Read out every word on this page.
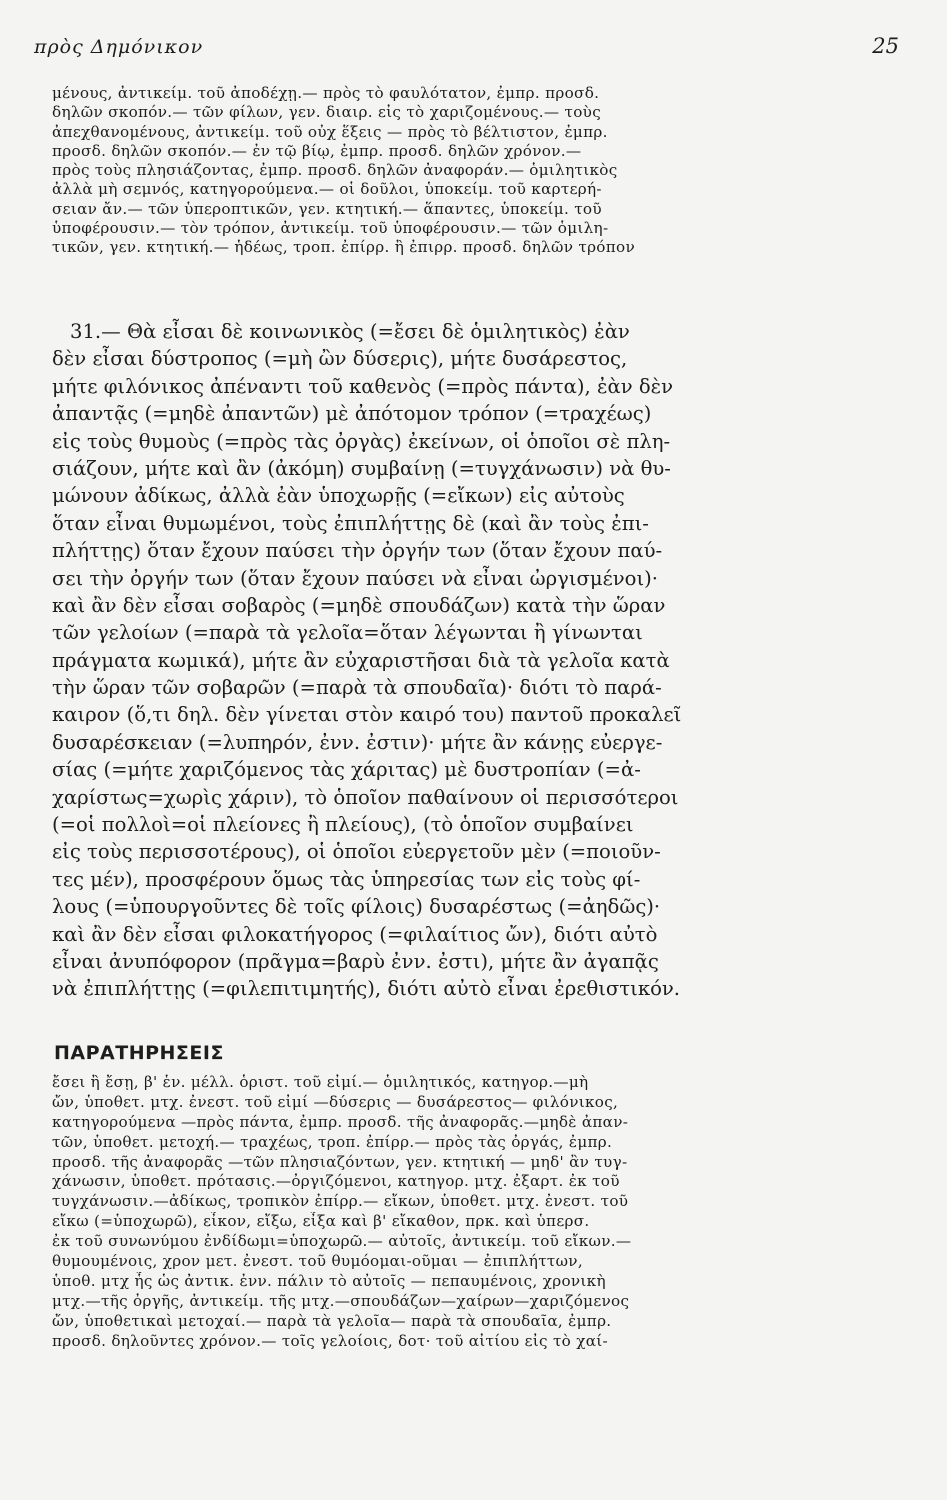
πρὸς Δημόνικον	25
μένους, ἀντικείμ. τοῦ ἀποδέχῃ.— πρὸς τὸ φαυλότατον, ἐμπρ. προσδ.
δηλῶν σκοπόν.— τῶν φίλων, γεν. διαιρ. εἰς τὸ χαριζομένους.— τοὺς
ἀπεχθανομένους, ἀντικείμ. τοῦ οὐχ ἕξεις — πρὸς τὸ βέλτιστον, ἐμπρ.
προσδ. δηλῶν σκοπόν.— ἐν τῷ βίῳ, ἐμπρ. προσδ. δηλῶν χρόνον.—
πρὸς τοὺς πλησιάζοντας, ἐμπρ. προσδ. δηλῶν ἀναφοράν.— ὁμιλητικὸς
ἀλλὰ μὴ σεμνός, κατηγορούμενα.— οἱ δοῦλοι, ὑποκείμ. τοῦ καρτερή-
σειαν ἄν.— τῶν ὑπεροπτικῶν, γεν. κτητική.— ἅπαντες, ὑποκείμ. τοῦ
ὑποφέρουσιν.— τὸν τρόπον, ἀντικείμ. τοῦ ὑποφέρουσιν.— τῶν ὁμιλη-
τικῶν, γεν. κτητική.— ἡδέως, τροπ. ἐπίρρ. ἢ ἐπιρρ. προσδ. δηλῶν τρόπον
31.— Θὰ εἶσαι δὲ κοινωνικὸς (=ἔσει δὲ ὁμιλητικὸς) ἐὰν
δὲν εἶσαι δύστροπος (=μὴ ὢν δύσερις), μήτε δυσάρεστος,
μήτε φιλόνικος ἀπέναντι τοῦ καθενὸς (=πρὸς πάντα), ἐὰν δὲν
ἀπαντᾷς (=μηδὲ ἀπαντῶν) μὲ ἀπότομον τρόπον (=τραχέως)
εἰς τοὺς θυμοὺς (=πρὸς τὰς ὀργὰς) ἐκείνων, οἱ ὁποῖοι σὲ πλη-
σιάζουν, μήτε καὶ ἂν (ἀκόμη) συμβαίνῃ (=τυγχάνωσιν) νὰ θυ-
μώνουν ἀδίκως, ἀλλὰ ἐὰν ὑποχωρῇς (=εἴκων) εἰς αὐτοὺς
ὅταν εἶναι θυμωμένοι, τοὺς ἐπιπλήττῃς δὲ (καὶ ἂν τοὺς ἐπι-
πλήττῃς) ὅταν ἔχουν παύσει τὴν ὀργήν των (ὅταν ἔχουν παύ-
σει τὴν ὀργήν των (ὅταν ἔχουν παύσει νὰ εἶναι ὠργισμένοι)·
καὶ ἂν δὲν εἶσαι σοβαρὸς (=μηδὲ σπουδάζων) κατὰ τὴν ὥραν
τῶν γελοίων (=παρὰ τὰ γελοῖα=ὅταν λέγωνται ἢ γίνωνται
πράγματα κωμικά), μήτε ἂν εὐχαριστῆσαι διὰ τὰ γελοῖα κατὰ
τὴν ὥραν τῶν σοβαρῶν (=παρὰ τὰ σπουδαῖα)· διότι τὸ παρά-
καιρον (ὅ,τι δηλ. δὲν γίνεται στὸν καιρό του) παντοῦ προκαλεῖ
δυσαρέσκειαν (=λυπηρόν, ἐνν. ἐστιν)· μήτε ἂν κάνῃς εὐεργε-
σίας (=μήτε χαριζόμενος τὰς χάριτας) μὲ δυστροπίαν (=ἀ-
χαρίστως=χωρὶς χάριν), τὸ ὁποῖον παθαίνουν οἱ περισσότεροι
(=οἱ πολλοὶ=οἱ πλείονες ἢ πλείους), (τὸ ὁποῖον συμβαίνει
εἰς τοὺς περισσοτέρους), οἱ ὁποῖοι εὐεργετοῦν μὲν (=ποιοῦν-
τες μέν), προσφέρουν ὅμως τὰς ὑπηρεσίας των εἰς τοὺς φί-
λους (=ὑπουργοῦντες δὲ τοῖς φίλοις) δυσαρέστως (=ἀηδῶς)·
καὶ ἂν δὲν εἶσαι φιλοκατήγορος (=φιλαίτιος ὤν), διότι αὐτὸ
εἶναι ἀνυπόφορον (πρᾶγμα=βαρὺ ἐνν. ἐστι), μήτε ἂν ἀγαπᾷς
νὰ ἐπιπλήττῃς (=φιλεπιτιμητής), διότι αὐτὸ εἶναι ἐρεθιστικόν.
ΠΑΡΑΤΗΡΗΣΕΙΣ
ἔσει ἢ ἔσῃ, β' ἑν. μέλλ. ὁριστ. τοῦ εἰμί.— ὁμιλητικός, κατηγορ.—μὴ
ὤν, ὑποθετ. μτχ. ἐνεστ. τοῦ εἰμί —δύσερις — δυσάρεστος— φιλόνικος,
κατηγορούμενα —πρὸς πάντα, ἐμπρ. προσδ. τῆς ἀναφορᾶς.—μηδὲ ἀπαν-
τῶν, ὑποθετ. μετοχή.— τραχέως, τροπ. ἐπίρρ.— πρὸς τὰς ὀργάς, ἐμπρ.
προσδ. τῆς ἀναφορᾶς —τῶν πλησιαζόντων, γεν. κτητική — μηδ' ἂν τυγ-
χάνωσιν, ὑποθετ. πρότασις.—ὀργιζόμενοι, κατηγορ. μτχ. ἐξαρτ. ἐκ τοῦ
τυγχάνωσιν.—ἀδίκως, τροπικὸν ἐπίρρ.— εἴκων, ὑποθετ. μτχ. ἐνεστ. τοῦ
εἴκω (=ὑποχωρῶ), εἶκον, εἴξω, εἶξα καὶ β' εἴκαθον, πρκ. καὶ ὑπερσ.
ἐκ τοῦ συνωνύμου ἐνδίδωμι=ὑποχωρῶ.— αὐτοῖς, ἀντικείμ. τοῦ εἴκων.—
θυμουμένοις, χρον μετ. ἐνεστ. τοῦ θυμόομαι-οῦμαι — ἐπιπλήττων,
ὑποθ. μτχ ἧς ὡς ἀντικ. ἐνν. πάλιν τὸ αὐτοῖς — πεπαυμένοις, χρονικὴ
μτχ.—τῆς ὀργῆς, ἀντικείμ. τῆς μτχ.—σπουδάζων—χαίρων—χαριζόμενος
ὤν, ὑποθετικαὶ μετοχαί.— παρὰ τὰ γελοῖα— παρὰ τὰ σπουδαῖα, ἐμπρ.
προσδ. δηλοῦντες χρόνον.— τοῖς γελοίοις, δοτ· τοῦ αἰτίου εἰς τὸ χαί-
